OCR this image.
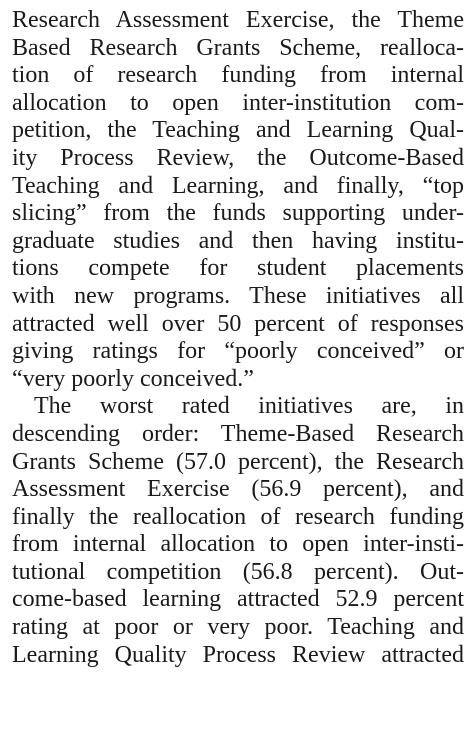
Research Assessment Exercise, the Theme
Based Research Grants Scheme, realloca-
tion of research funding from internal
allocation to open inter-institution com-
petition, the Teaching and Learning Qual-
ity Process Review, the Outcome-Based
Teaching and Learning, and finally, “top
slicing” from the funds supporting under-
graduate studies and then having institu-
tions compete for student placements
with new programs. These initiatives all
attracted well over 50 percent of responses
giving ratings for “poorly conceived” or
“very poorly conceived.”
The worst rated initiatives are, in
descending order: Theme-Based Research
Grants Scheme (57.0 percent), the Research
Assessment Exercise (56.9 percent), and
finally the reallocation of research funding
from internal allocation to open inter-insti-
tutional competition (56.8 percent). Out-
come-based learning attracted 52.9 percent
rating at poor or very poor. Teaching and
Learning Quality Process Review attracted
